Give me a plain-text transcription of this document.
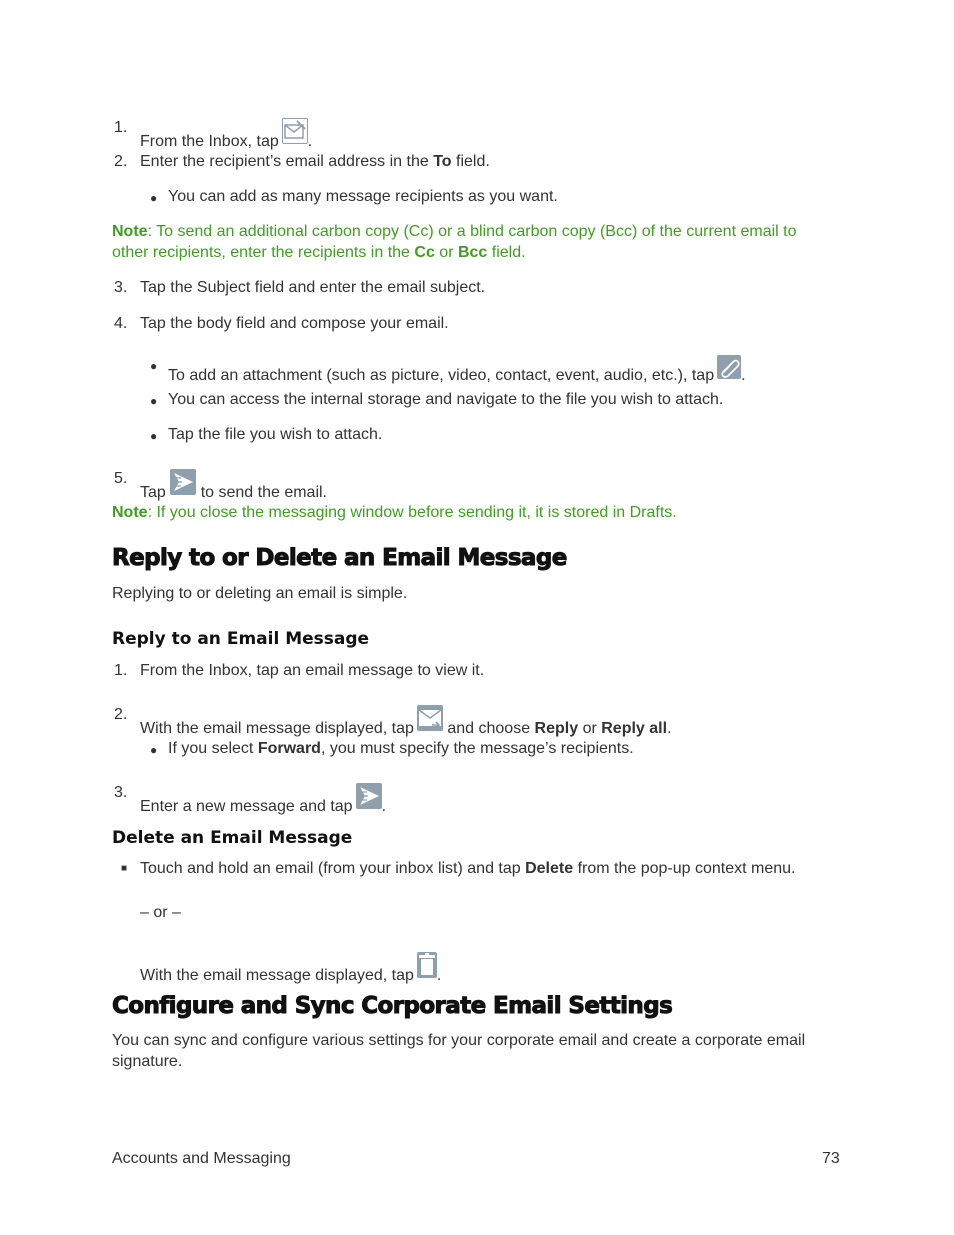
1.
From the Inbox, tap .
2. Enter the recipient’s email address in the To field.
● You can add as many message recipients as you want.
Note: To send an additional carbon copy (Cc) or a blind carbon copy (Bcc) of the current email to
other recipients, enter the recipients in the Cc or Bcc field.
3. Tap the Subject field and enter the email subject.
4. Tap the body field and compose your email.
●
To add an attachment (such as picture, video, contact, event, audio, etc.), tap .
● You can access the internal storage and navigate to the file you wish to attach.
● Tap the file you wish to attach.
5.
Tap to send the email.
Note: If you close the messaging window before sending it, it is stored in Drafts.
Reply to or Delete an Email Message
Replying to or deleting an email is simple.
Reply to an Email Message
1. From the Inbox, tap an email message to view it.
2.
With the email message displayed, tap
and choose Reply or Reply all.
● If you select Forward, you must specify the message’s recipients.
3.
Enter a new message and tap .
Delete an Email Message
■ Touch and hold an email (from your inbox list) and tap Delete from the pop-up context menu.
– or –
With the email message displayed, tap .
Configure and Sync Corporate Email Settings
You can sync and configure various settings for your corporate email and create a corporate email
signature.
Accounts and Messaging	73
